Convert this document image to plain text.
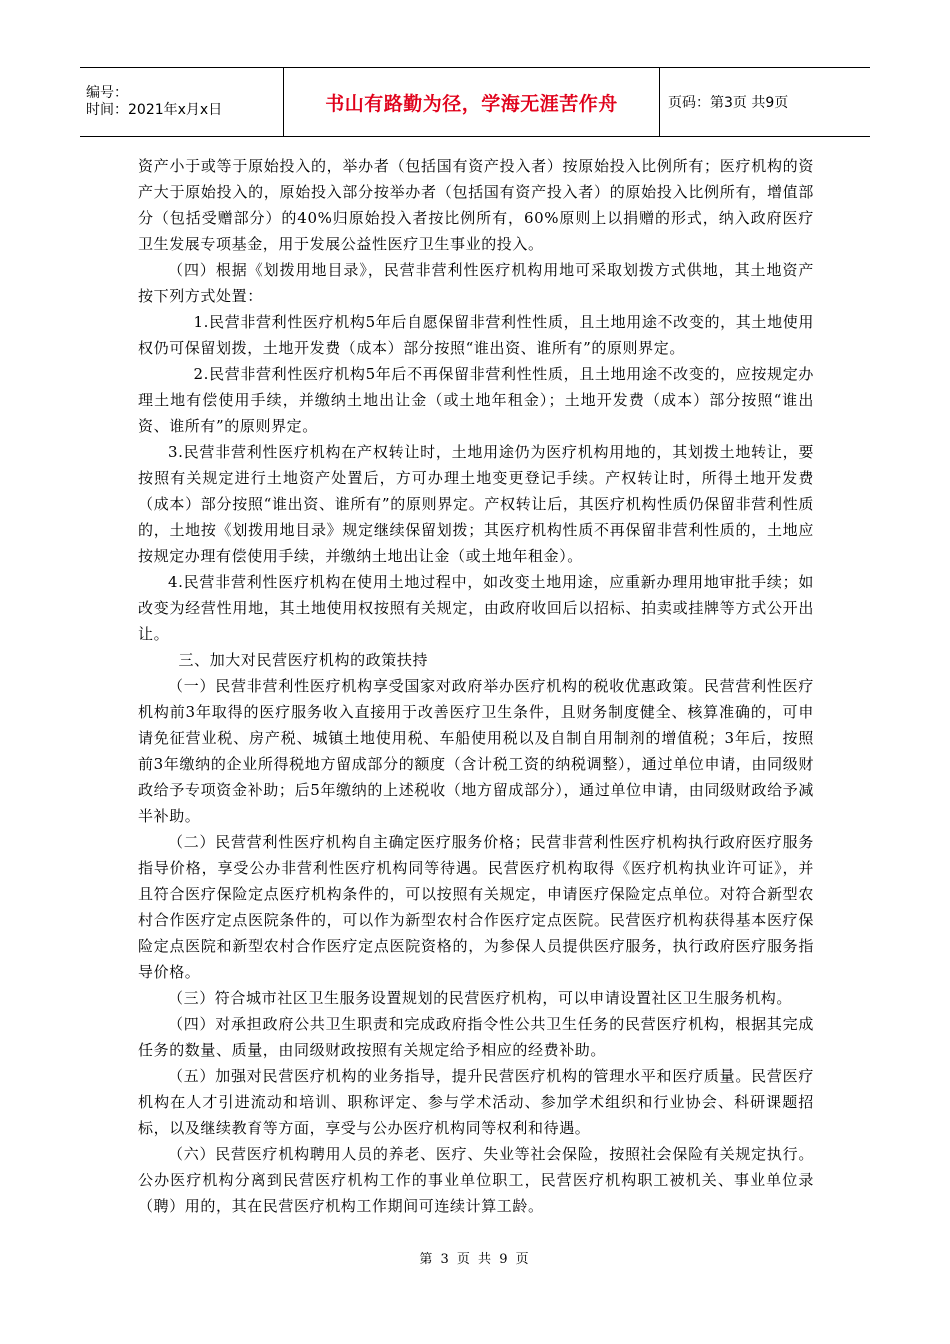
编号：
时间：2021年x月x日	书山有路勤为径，学海无涯苦作舟	页码：第3页 共9页

资产小于或等于原始投入的，举办者（包括国有资产投入者）按原始投入比例所有；医疗机构的资产大于原始投入的，原始投入部分按举办者（包括国有资产投入者）的原始投入比例所有，增值部分（包括受赠部分）的40%归原始投入者按比例所有，60%原则上以捐赠的形式，纳入政府医疗卫生发展专项基金，用于发展公益性医疗卫生事业的投入。

（四）根据《划拨用地目录》，民营非营利性医疗机构用地可采取划拨方式供地，其土地资产按下列方式处置：

1.民营非营利性医疗机构5年后自愿保留非营利性性质，且土地用途不改变的，其土地使用权仍可保留划拨，土地开发费（成本）部分按照“谁出资、谁所有”的原则界定。

2.民营非营利性医疗机构5年后不再保留非营利性性质，且土地用途不改变的，应按规定办理土地有偿使用手续，并缴纳土地出让金（或土地年租金）；土地开发费（成本）部分按照“谁出资、谁所有”的原则界定。

3.民营非营利性医疗机构在产权转让时，土地用途仍为医疗机构用地的，其划拨土地转让，要按照有关规定进行土地资产处置后，方可办理土地变更登记手续。产权转让时，所得土地开发费（成本）部分按照“谁出资、谁所有”的原则界定。产权转让后，其医疗机构性质仍保留非营利性质的，土地按《划拨用地目录》规定继续保留划拨；其医疗机构性质不再保留非营利性质的，土地应按规定办理有偿使用手续，并缴纳土地出让金（或土地年租金）。

4.民营非营利性医疗机构在使用土地过程中，如改变土地用途，应重新办理用地审批手续；如改变为经营性用地，其土地使用权按照有关规定，由政府收回后以招标、拍卖或挂牌等方式公开出让。

三、加大对民营医疗机构的政策扶持

（一）民营非营利性医疗机构享受国家对政府举办医疗机构的税收优惠政策。民营营利性医疗机构前3年取得的医疗服务收入直接用于改善医疗卫生条件，且财务制度健全、核算准确的，可申请免征营业税、房产税、城镇土地使用税、车船使用税以及自制自用制剂的增值税；3年后，按照前3年缴纳的企业所得税地方留成部分的额度（含计税工资的纳税调整），通过单位申请，由同级财政给予专项资金补助；后5年缴纳的上述税收（地方留成部分），通过单位申请，由同级财政给予减半补助。

（二）民营营利性医疗机构自主确定医疗服务价格；民营非营利性医疗机构执行政府医疗服务指导价格，享受公办非营利性医疗机构同等待遇。民营医疗机构取得《医疗机构执业许可证》，并且符合医疗保险定点医疗机构条件的，可以按照有关规定，申请医疗保险定点单位。对符合新型农村合作医疗定点医院条件的，可以作为新型农村合作医疗定点医院。民营医疗机构获得基本医疗保险定点医院和新型农村合作医疗定点医院资格的，为参保人员提供医疗服务，执行政府医疗服务指导价格。

（三）符合城市社区卫生服务设置规划的民营医疗机构，可以申请设置社区卫生服务机构。

（四）对承担政府公共卫生职责和完成政府指令性公共卫生任务的民营医疗机构，根据其完成任务的数量、质量，由同级财政按照有关规定给予相应的经费补助。

（五）加强对民营医疗机构的业务指导，提升民营医疗机构的管理水平和医疗质量。民营医疗机构在人才引进流动和培训、职称评定、参与学术活动、参加学术组织和行业协会、科研课题招标，以及继续教育等方面，享受与公办医疗机构同等权利和待遇。

（六）民营医疗机构聘用人员的养老、医疗、失业等社会保险，按照社会保险有关规定执行。公办医疗机构分离到民营医疗机构工作的事业单位职工，民营医疗机构职工被机关、事业单位录（聘）用的，其在民营医疗机构工作期间可连续计算工龄。

第 3 页 共 9 页
